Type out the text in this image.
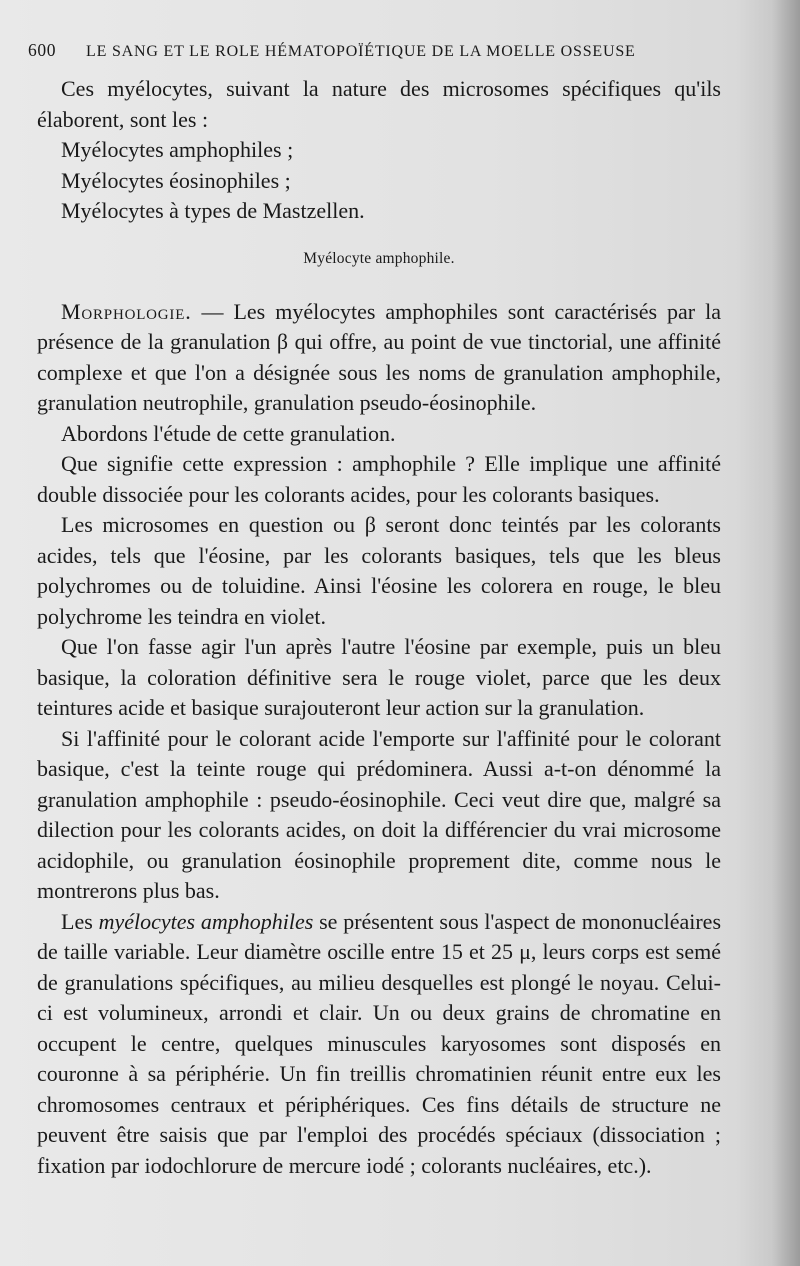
600	LE SANG ET LE ROLE HÉMATOPOÏÉTIQUE DE LA MOELLE OSSEUSE

Ces myélocytes, suivant la nature des microsomes spécifiques qu'ils élaborent, sont les :

Myélocytes amphophiles ;

Myélocytes éosinophiles ;

Myélocytes à types de Mastzellen.

Myélocyte amphophile.

Morphologie. — Les myélocytes amphophiles sont caractérisés par la présence de la granulation β qui offre, au point de vue tinctorial, une affinité complexe et que l'on a désignée sous les noms de granulation amphophile, granulation neutrophile, granulation pseudo-éosinophile.

Abordons l'étude de cette granulation.

Que signifie cette expression : amphophile ? Elle implique une affinité double dissociée pour les colorants acides, pour les colorants basiques.

Les microsomes en question ou β seront donc teintés par les colorants acides, tels que l'éosine, par les colorants basiques, tels que les bleus polychromes ou de toluidine. Ainsi l'éosine les colorera en rouge, le bleu polychrome les teindra en violet.

Que l'on fasse agir l'un après l'autre l'éosine par exemple, puis un bleu basique, la coloration définitive sera le rouge violet, parce que les deux teintures acide et basique surajouteront leur action sur la granulation.

Si l'affinité pour le colorant acide l'emporte sur l'affinité pour le colorant basique, c'est la teinte rouge qui prédominera. Aussi a-t-on dénommé la granulation amphophile : pseudo-éosinophile. Ceci veut dire que, malgré sa dilection pour les colorants acides, on doit la différencier du vrai microsome acidophile, ou granulation éosinophile proprement dite, comme nous le montrerons plus bas.

Les myélocytes amphophiles se présentent sous l'aspect de mononucléaires de taille variable. Leur diamètre oscille entre 15 et 25 μ, leurs corps est semé de granulations spécifiques, au milieu desquelles est plongé le noyau. Celui-ci est volumineux, arrondi et clair. Un ou deux grains de chromatine en occupent le centre, quelques minuscules karyosomes sont disposés en couronne à sa périphérie. Un fin treillis chromatinien réunit entre eux les chromosomes centraux et périphériques. Ces fins détails de structure ne peuvent être saisis que par l'emploi des procédés spéciaux (dissociation ; fixation par iodochlorure de mercure iodé ; colorants nucléaires, etc.).
